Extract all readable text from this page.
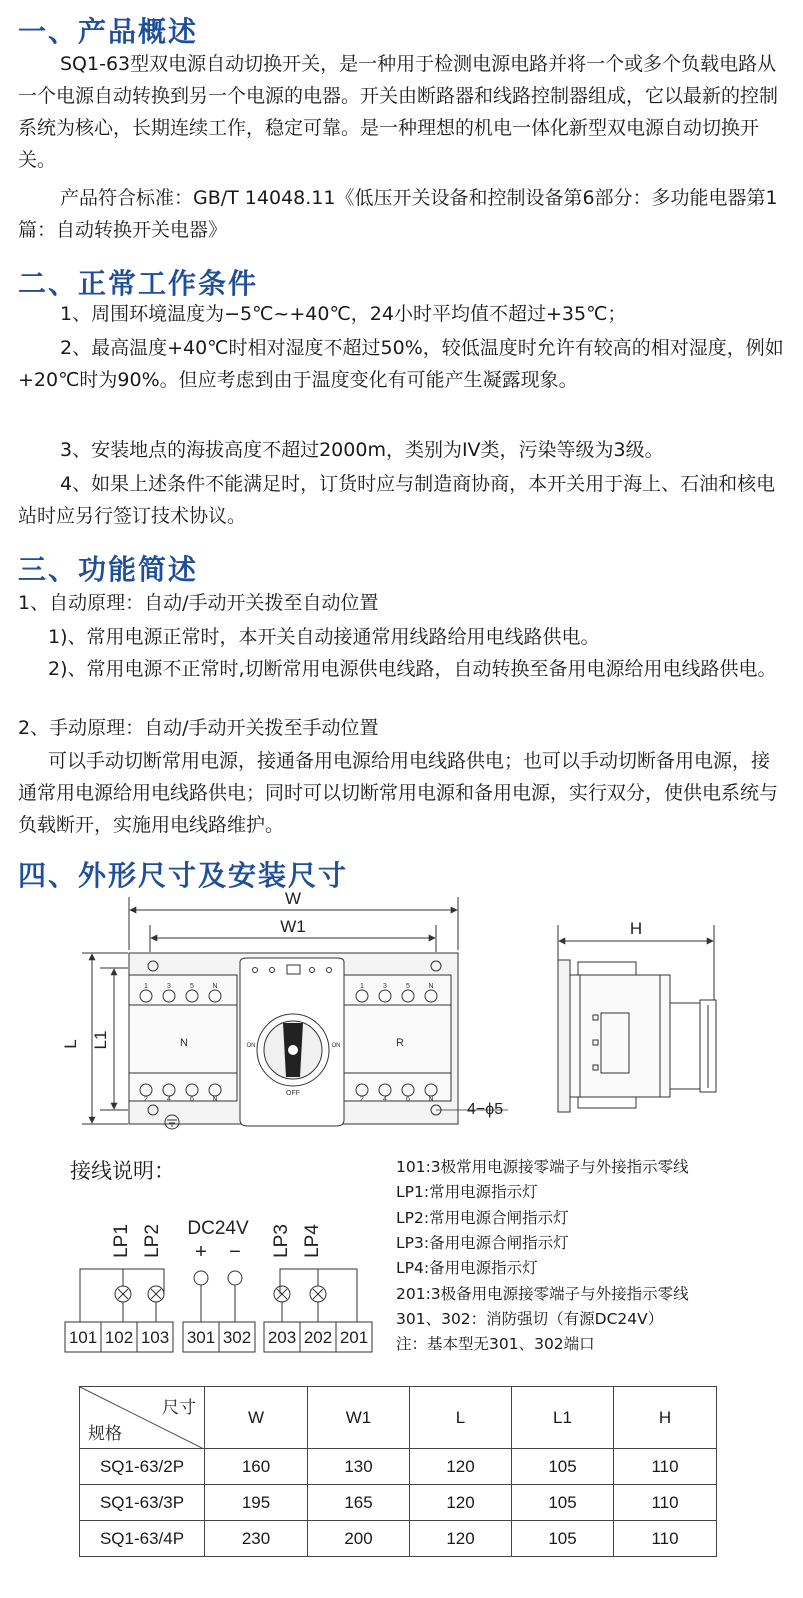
一、产品概述

SQ1-63型双电源自动切换开关，是一种用于检测电源电路并将一个或多个负载电路从一个电源自动转换到另一个电源的电器。开关由断路器和线路控制器组成，它以最新的控制系统为核心，长期连续工作，稳定可靠。是一种理想的机电一体化新型双电源自动切换开关。

产品符合标准：GB/T 14048.11《低压开关设备和控制设备第6部分：多功能电器第1篇：自动转换开关电器》

二、正常工作条件

1、周围环境温度为−5℃~+40℃，24小时平均值不超过+35℃；

2、最高温度+40℃时相对湿度不超过50%，较低温度时允许有较高的相对湿度，例如+20℃时为90%。但应考虑到由于温度变化有可能产生凝露现象。

3、安装地点的海拔高度不超过2000m，类别为IV类，污染等级为3级。

4、如果上述条件不能满足时，订货时应与制造商协商，本开关用于海上、石油和核电站时应另行签订技术协议。

三、功能简述

1、自动原理：自动/手动开关拨至自动位置

1)、常用电源正常时，本开关自动接通常用线路给用电线路供电。

2)、常用电源不正常时,切断常用电源供电线路，自动转换至备用电源给用电线路供电。

2、手动原理：自动/手动开关拨至手动位置

可以手动切断常用电源，接通备用电源给用电线路供电；也可以手动切断备用电源，接通常用电源给用电线路供电；同时可以切断常用电源和备用电源，实行双分，使供电系统与负载断开，实施用电线路维护。

四、外形尺寸及安装尺寸
W
W1
L L1
1	3	5	N
2	4	6	N
N
1	3	5	N
2	4	6	N
R
ON	ON
OFF
4−ϕ5
H
接线说明：
LP1 LP2	LP3 LP4
DC24V
+ −
101 102 103 301 302 203 202 201
101:3极常用电源接零端子与外接指示零线
LP1:常用电源指示灯
LP2:常用电源合闸指示灯
LP3:备用电源合闸指示灯
LP4:备用电源指示灯
201:3极备用电源接零端子与外接指示零线
301、302：消防强切（有源DC24V）
注：基本型无301、302端口
尺寸
规格	W	W1	L	L1	H
SQ1-63/2P	160	130	120	105	110
SQ1-63/3P	195	165	120	105	110
SQ1-63/4P	230	200	120	105	110
